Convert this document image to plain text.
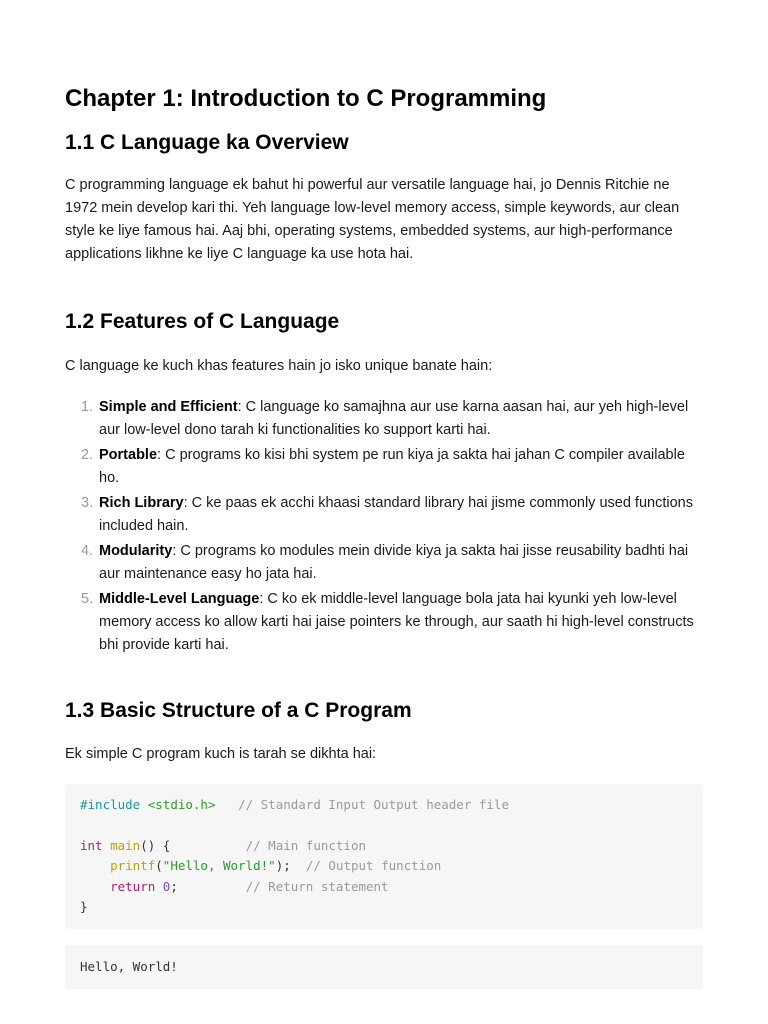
Chapter 1: Introduction to C Programming
1.1 C Language ka Overview

C programming language ek bahut hi powerful aur versatile language hai, jo Dennis Ritchie ne 1972 mein develop kari thi. Yeh language low-level memory access, simple keywords, aur clean style ke liye famous hai. Aaj bhi, operating systems, embedded systems, aur high-performance applications likhne ke liye C language ka use hota hai.

1.2 Features of C Language

C language ke kuch khas features hain jo isko unique banate hain:

1. Simple and Efficient: C language ko samajhna aur use karna aasan hai, aur yeh high-level aur low-level dono tarah ki functionalities ko support karti hai.
2. Portable: C programs ko kisi bhi system pe run kiya ja sakta hai jahan C compiler available ho.
3. Rich Library: C ke paas ek acchi khaasi standard library hai jisme commonly used functions included hain.
4. Modularity: C programs ko modules mein divide kiya ja sakta hai jisse reusability badhti hai aur maintenance easy ho jata hai.
5. Middle-Level Language: C ko ek middle-level language bola jata hai kyunki yeh low-level memory access ko allow karti hai jaise pointers ke through, aur saath hi high-level constructs bhi provide karti hai.
1.3 Basic Structure of a C Program

Ek simple C program kuch is tarah se dikhta hai:

#include <stdio.h> // Standard Input Output header file

int main() {	// Main function
printf("Hello, World!"); // Output function
return 0;	// Return statement
}
Hello, World!
